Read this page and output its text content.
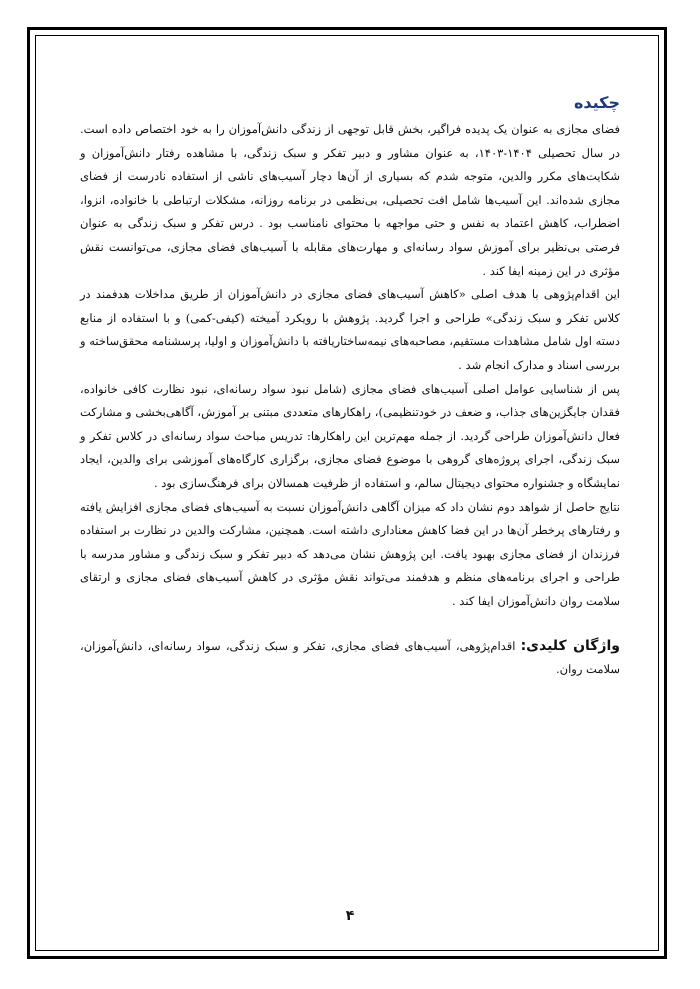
چکیده

فضای مجازی به عنوان یک پدیده فراگیر، بخش قابل توجهی از زندگی دانش‌آموزان را به خود اختصاص داده است. در سال تحصیلی ۱۴۰۴-۱۴۰۳، به عنوان مشاور و دبیر تفکر و سبک زندگی، با مشاهده رفتار دانش‌آموزان و شکایت‌های مکرر والدین، متوجه شدم که بسیاری از آن‌ها دچار آسیب‌های ناشی از استفاده نادرست از فضای مجازی شده‌اند. این آسیب‌ها شامل افت تحصیلی، بی‌نظمی در برنامه روزانه، مشکلات ارتباطی با خانواده، انزوا، اضطراب، کاهش اعتماد به نفس و حتی مواجهه با محتوای نامناسب بود . درس تفکر و سبک زندگی به عنوان فرصتی بی‌نظیر برای آموزش سواد رسانه‌ای و مهارت‌های مقابله با آسیب‌های فضای مجازی، می‌توانست نقش مؤثری در این زمینه ایفا کند .

این اقدام‌پژوهی با هدف اصلی «کاهش آسیب‌های فضای مجازی در دانش‌آموزان از طریق مداخلات هدفمند در کلاس تفکر و سبک زندگی» طراحی و اجرا گردید. پژوهش با رویکرد آمیخته (کیفی-کمی) و با استفاده از منابع دسته اول شامل مشاهدات مستقیم، مصاحبه‌های نیمه‌ساختاریافته با دانش‌آموزان و اولیا، پرسشنامه محقق‌ساخته و بررسی اسناد و مدارک انجام شد .

پس از شناسایی عوامل اصلی آسیب‌های فضای مجازی (شامل نبود سواد رسانه‌ای، نبود نظارت کافی خانواده، فقدان جایگزین‌های جذاب، و ضعف در خودتنظیمی)، راهکارهای متعددی مبتنی بر آموزش، آگاهی‌بخشی و مشارکت فعال دانش‌آموزان طراحی گردید. از جمله مهم‌ترین این راهکارها: تدریس مباحث سواد رسانه‌ای در کلاس تفکر و سبک زندگی، اجرای پروژه‌های گروهی با موضوع فضای مجازی، برگزاری کارگاه‌های آموزشی برای والدین، ایجاد نمایشگاه و جشنواره محتوای دیجیتال سالم، و استفاده از ظرفیت همسالان برای فرهنگ‌سازی بود .

نتایج حاصل از شواهد دوم نشان داد که میزان آگاهی دانش‌آموزان نسبت به آسیب‌های فضای مجازی افزایش یافته و رفتارهای پرخطر آن‌ها در این فضا کاهش معناداری داشته است. همچنین، مشارکت والدین در نظارت بر استفاده فرزندان از فضای مجازی بهبود یافت. این پژوهش نشان می‌دهد که دبیر تفکر و سبک زندگی و مشاور مدرسه با طراحی و اجرای برنامه‌های منظم و هدفمند می‌تواند نقش مؤثری در کاهش آسیب‌های فضای مجازی و ارتقای سلامت روان دانش‌آموزان ایفا کند .

واژگان کلیدی: اقدام‌پژوهی، آسیب‌های فضای مجازی، تفکر و سبک زندگی، سواد رسانه‌ای، دانش‌آموزان، سلامت روان.

۴
